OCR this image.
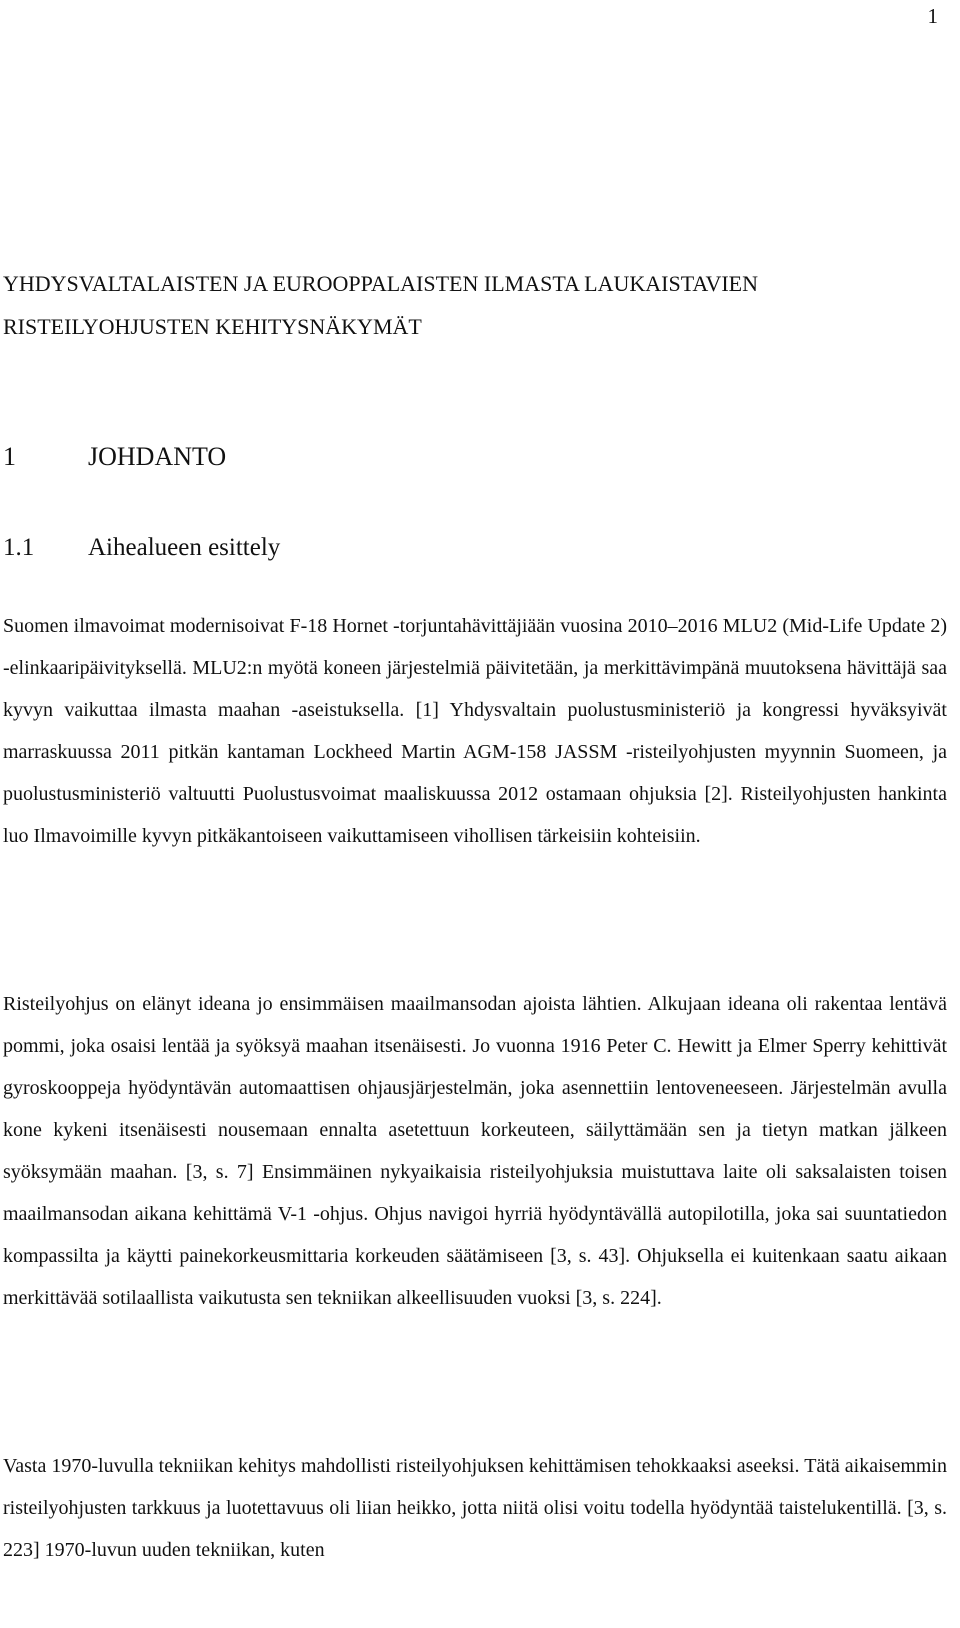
1
YHDYSVALTALAISTEN JA EUROOPPALAISTEN ILMASTA LAUKAISTAVIEN RISTEILYOHJUSTEN KEHITYSNÄKYMÄT
1	JOHDANTO
1.1	Aihealueen esittely

Suomen ilmavoimat modernisoivat F-18 Hornet -torjuntahävittäjiään vuosina 2010–2016 MLU2 (Mid-Life Update 2) -elinkaaripäivityksellä. MLU2:n myötä koneen järjestelmiä päivitetään, ja merkittävimpänä muutoksena hävittäjä saa kyvyn vaikuttaa ilmasta maahan -aseistuksella. [1] Yhdysvaltain puolustusministeriö ja kongressi hyväksyivät marraskuussa 2011 pitkän kantaman Lockheed Martin AGM-158 JASSM -risteilyohjusten myynnin Suomeen, ja puolustusministeriö valtuutti Puolustusvoimat maaliskuussa 2012 ostamaan ohjuksia [2]. Risteilyohjusten hankinta luo Ilmavoimille kyvyn pitkäkantoiseen vaikuttamiseen vihollisen tärkeisiin kohteisiin.

Risteilyohjus on elänyt ideana jo ensimmäisen maailmansodan ajoista lähtien. Alkujaan ideana oli rakentaa lentävä pommi, joka osaisi lentää ja syöksyä maahan itsenäisesti. Jo vuonna 1916 Peter C. Hewitt ja Elmer Sperry kehittivät gyroskooppeja hyödyntävän automaattisen ohjausjärjestelmän, joka asennettiin lentoveneeseen. Järjestelmän avulla kone kykeni itsenäisesti nousemaan ennalta asetettuun korkeuteen, säilyttämään sen ja tietyn matkan jälkeen syöksymään maahan. [3, s. 7] Ensimmäinen nykyaikaisia risteilyohjuksia muistuttava laite oli saksalaisten toisen maailmansodan aikana kehittämä V-1 -ohjus. Ohjus navigoi hyrriä hyödyntävällä autopilotilla, joka sai suuntatiedon kompassilta ja käytti painekorkeusmittaria korkeuden säätämiseen [3, s. 43]. Ohjuksella ei kuitenkaan saatu aikaan merkittävää sotilaallista vaikutusta sen tekniikan alkeellisuuden vuoksi [3, s. 224].

Vasta 1970-luvulla tekniikan kehitys mahdollisti risteilyohjuksen kehittämisen tehokkaaksi aseeksi. Tätä aikaisemmin risteilyohjusten tarkkuus ja luotettavuus oli liian heikko, jotta niitä olisi voitu todella hyödyntää taistelukentillä. [3, s. 223] 1970-luvun uuden tekniikan, kuten
